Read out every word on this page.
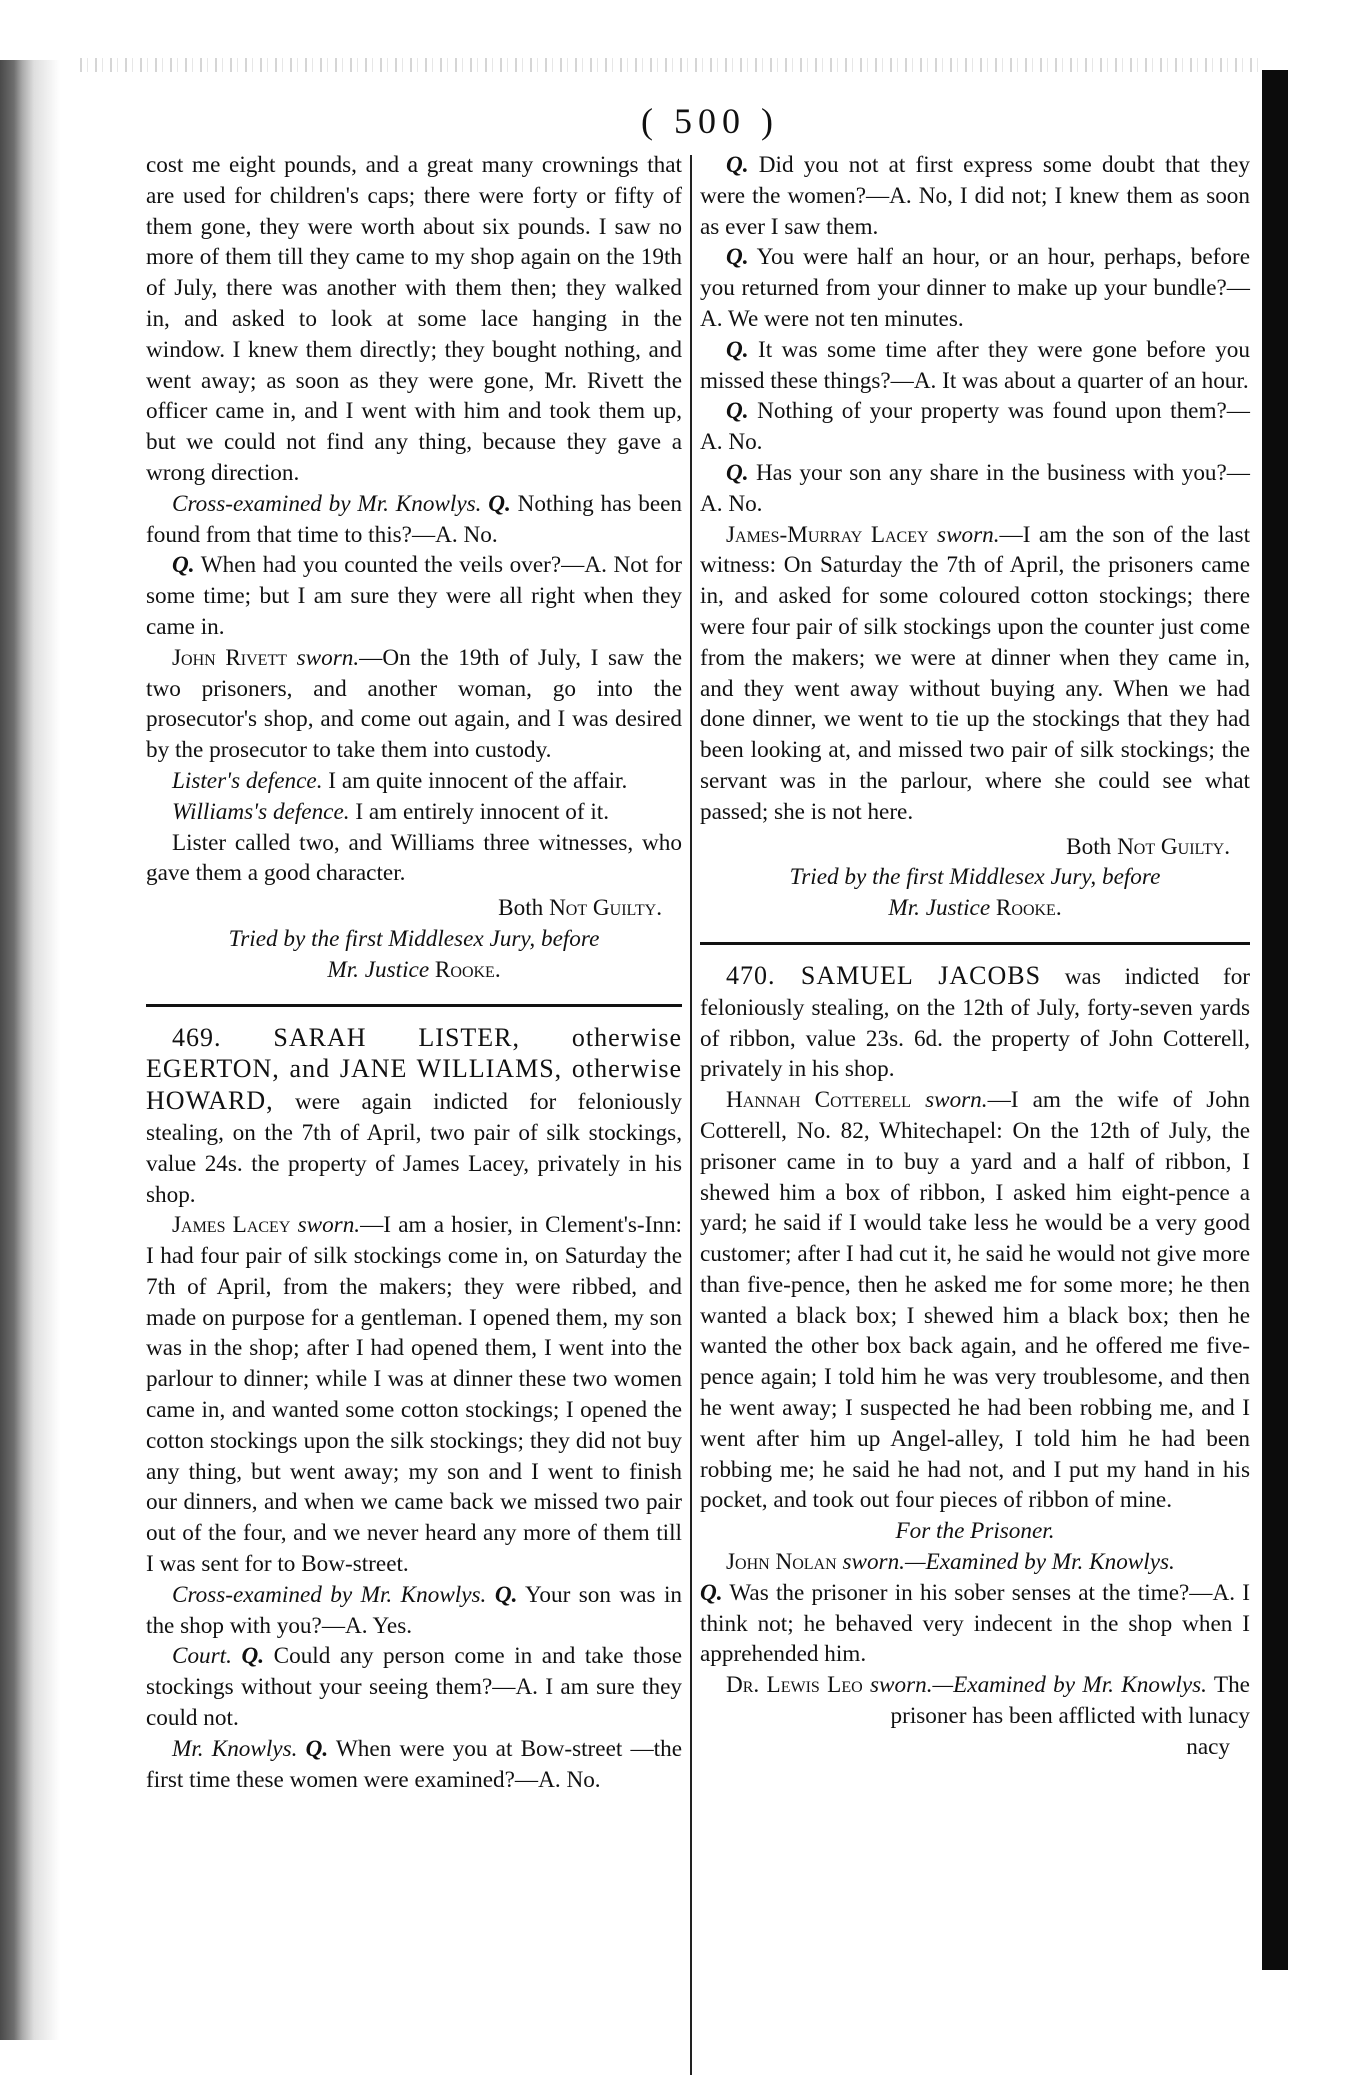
( 500 )

cost me eight pounds, and a great many crownings that are used for children's caps; there were forty or fifty of them gone, they were worth about six pounds. I saw no more of them till they came to my shop again on the 19th of July, there was another with them then; they walked in, and asked to look at some lace hanging in the window. I knew them directly; they bought nothing, and went away; as soon as they were gone, Mr. Rivett the officer came in, and I went with him and took them up, but we could not find any thing, because they gave a wrong direction.

Cross-examined by Mr. Knowlys. Q. Nothing has been found from that time to this?—A. No.

Q. When had you counted the veils over?—A. Not for some time; but I am sure they were all right when they came in.

John Rivett sworn.—On the 19th of July, I saw the two prisoners, and another woman, go into the prosecutor's shop, and come out again, and I was desired by the prosecutor to take them into custody.

Lister's defence. I am quite innocent of the affair.

Williams's defence. I am entirely innocent of it.

Lister called two, and Williams three witnesses, who gave them a good character.

Both Not Guilty.

Tried by the first Middlesex Jury, before

Mr. Justice Rooke.

469. SARAH LISTER, otherwise EGERTON, and JANE WILLIAMS, otherwise HOWARD, were again indicted for feloniously stealing, on the 7th of April, two pair of silk stockings, value 24s. the property of James Lacey, privately in his shop.

James Lacey sworn.—I am a hosier, in Clement's-Inn: I had four pair of silk stockings come in, on Saturday the 7th of April, from the makers; they were ribbed, and made on purpose for a gentleman. I opened them, my son was in the shop; after I had opened them, I went into the parlour to dinner; while I was at dinner these two women came in, and wanted some cotton stockings; I opened the cotton stockings upon the silk stockings; they did not buy any thing, but went away; my son and I went to finish our dinners, and when we came back we missed two pair out of the four, and we never heard any more of them till I was sent for to Bow-street.

Cross-examined by Mr. Knowlys. Q. Your son was in the shop with you?—A. Yes.

Court. Q. Could any person come in and take those stockings without your seeing them?—A. I am sure they could not.

Mr. Knowlys. Q. When were you at Bow-street —the first time these women were examined?—A. No.

Q. Did you not at first express some doubt that they were the women?—A. No, I did not; I knew them as soon as ever I saw them.

Q. You were half an hour, or an hour, perhaps, before you returned from your dinner to make up your bundle?—A. We were not ten minutes.

Q. It was some time after they were gone before you missed these things?—A. It was about a quarter of an hour.

Q. Nothing of your property was found upon them?—A. No.

Q. Has your son any share in the business with you?—A. No.

James-Murray Lacey sworn.—I am the son of the last witness: On Saturday the 7th of April, the prisoners came in, and asked for some coloured cotton stockings; there were four pair of silk stockings upon the counter just come from the makers; we were at dinner when they came in, and they went away without buying any. When we had done dinner, we went to tie up the stockings that they had been looking at, and missed two pair of silk stockings; the servant was in the parlour, where she could see what passed; she is not here.

Both Not Guilty.

Tried by the first Middlesex Jury, before

Mr. Justice Rooke.

470. SAMUEL JACOBS was indicted for feloniously stealing, on the 12th of July, forty-seven yards of ribbon, value 23s. 6d. the property of John Cotterell, privately in his shop.

Hannah Cotterell sworn.—I am the wife of John Cotterell, No. 82, Whitechapel: On the 12th of July, the prisoner came in to buy a yard and a half of ribbon, I shewed him a box of ribbon, I asked him eight-pence a yard; he said if I would take less he would be a very good customer; after I had cut it, he said he would not give more than five-pence, then he asked me for some more; he then wanted a black box; I shewed him a black box; then he wanted the other box back again, and he offered me five-pence again; I told him he was very troublesome, and then he went away; I suspected he had been robbing me, and I went after him up Angel-alley, I told him he had been robbing me; he said he had not, and I put my hand in his pocket, and took out four pieces of ribbon of mine.

For the Prisoner.

John Nolan sworn.—Examined by Mr. Knowlys.

Q. Was the prisoner in his sober senses at the time?—A. I think not; he behaved very indecent in the shop when I apprehended him.

Dr. Lewis Leo sworn.—Examined by Mr. Knowlys. The prisoner has been afflicted with lunacy

nacy
